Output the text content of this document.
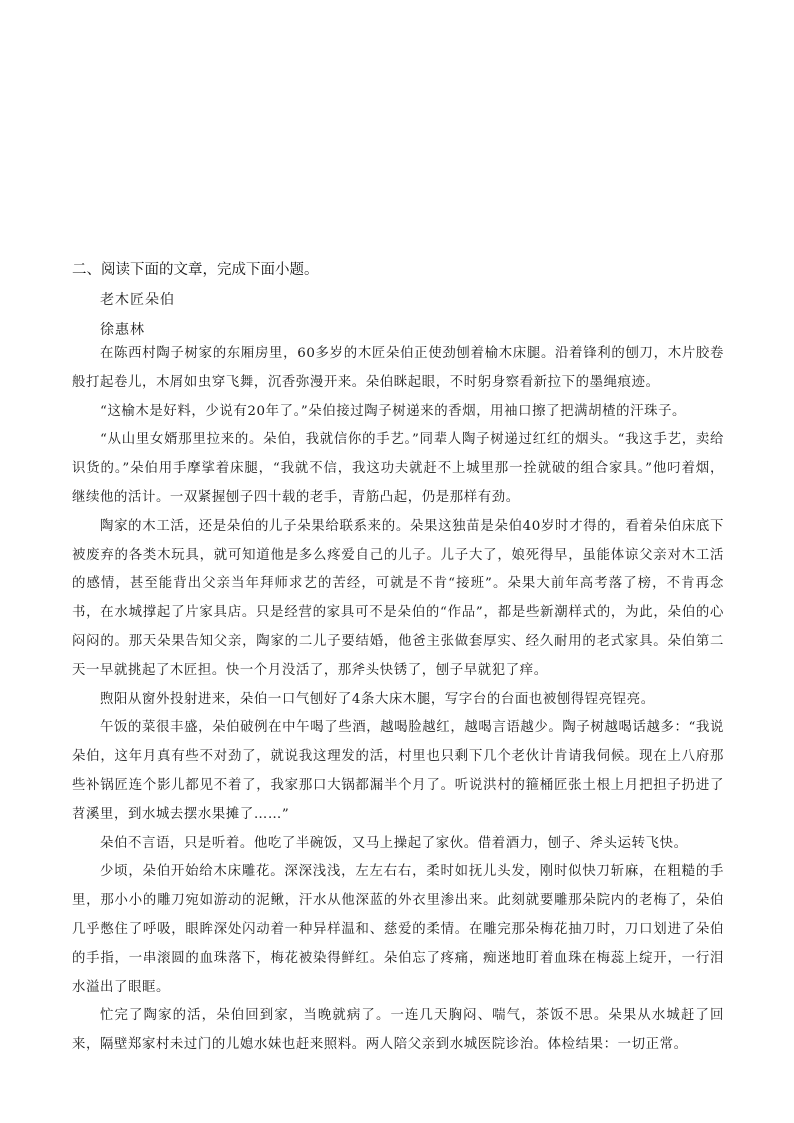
二、阅读下面的文章，完成下面小题。
老木匠朵伯
徐惠林

在陈西村陶子树家的东厢房里，60多岁的木匠朵伯正使劲刨着榆木床腿。沿着锋利的刨刀，木片胶卷般打起卷儿，木屑如虫穿飞舞，沉香弥漫开来。朵伯眯起眼，不时躬身察看新拉下的墨绳痕迹。

“这榆木是好料，少说有20年了。”朵伯接过陶子树递来的香烟，用袖口擦了把满胡楂的汗珠子。

“从山里女婿那里拉来的。朵伯，我就信你的手艺。”同辈人陶子树递过红红的烟头。“我这手艺，卖给识货的。”朵伯用手摩挲着床腿，“我就不信，我这功夫就赶不上城里那一拴就破的组合家具。”他叼着烟，继续他的活计。一双紧握刨子四十载的老手，青筋凸起，仍是那样有劲。

陶家的木工活，还是朵伯的儿子朵果给联系来的。朵果这独苗是朵伯40岁时才得的，看着朵伯床底下被废弃的各类木玩具，就可知道他是多么疼爱自己的儿子。儿子大了，娘死得早，虽能体谅父亲对木工活的感情，甚至能背出父亲当年拜师求艺的苦经，可就是不肯“接班”。朵果大前年高考落了榜，不肯再念书，在水城撑起了片家具店。只是经营的家具可不是朵伯的“作品”，都是些新潮样式的，为此，朵伯的心闷闷的。那天朵果告知父亲，陶家的二儿子要结婚，他爸主张做套厚实、经久耐用的老式家具。朵伯第二天一早就挑起了木匠担。快一个月没活了，那斧头快锈了，刨子早就犯了痒。

煦阳从窗外投射进来，朵伯一口气刨好了4条大床木腿，写字台的台面也被刨得锃亮锃亮。

午饭的菜很丰盛，朵伯破例在中午喝了些酒，越喝脸越红，越喝言语越少。陶子树越喝话越多：“我说朵伯，这年月真有些不对劲了，就说我这理发的活，村里也只剩下几个老伙计肯请我伺候。现在上八府那些补锅匠连个影儿都见不着了，我家那口大锅都漏半个月了。听说洪村的箍桶匠张土根上月把担子扔进了苕溪里，到水城去摆水果摊了……”

朵伯不言语，只是听着。他吃了半碗饭，又马上操起了家伙。借着酒力，刨子、斧头运转飞快。

少顷，朵伯开始给木床雕花。深深浅浅，左左右右，柔时如抚儿头发，刚时似快刀斩麻，在粗糙的手里，那小小的雕刀宛如游动的泥鳅，汗水从他深蓝的外衣里渗出来。此刻就要雕那朵院内的老梅了，朵伯几乎憋住了呼吸，眼眸深处闪动着一种异样温和、慈爱的柔情。在雕完那朵梅花抽刀时，刀口划进了朵伯的手指，一串滚圆的血珠落下，梅花被染得鲜红。朵伯忘了疼痛，痴迷地盯着血珠在梅蕊上绽开，一行泪水溢出了眼眶。

忙完了陶家的活，朵伯回到家，当晚就病了。一连几天胸闷、喘气，茶饭不思。朵果从水城赶了回来，隔壁郑家村未过门的儿媳水妹也赶来照料。两人陪父亲到水城医院诊治。体检结果：一切正常。
